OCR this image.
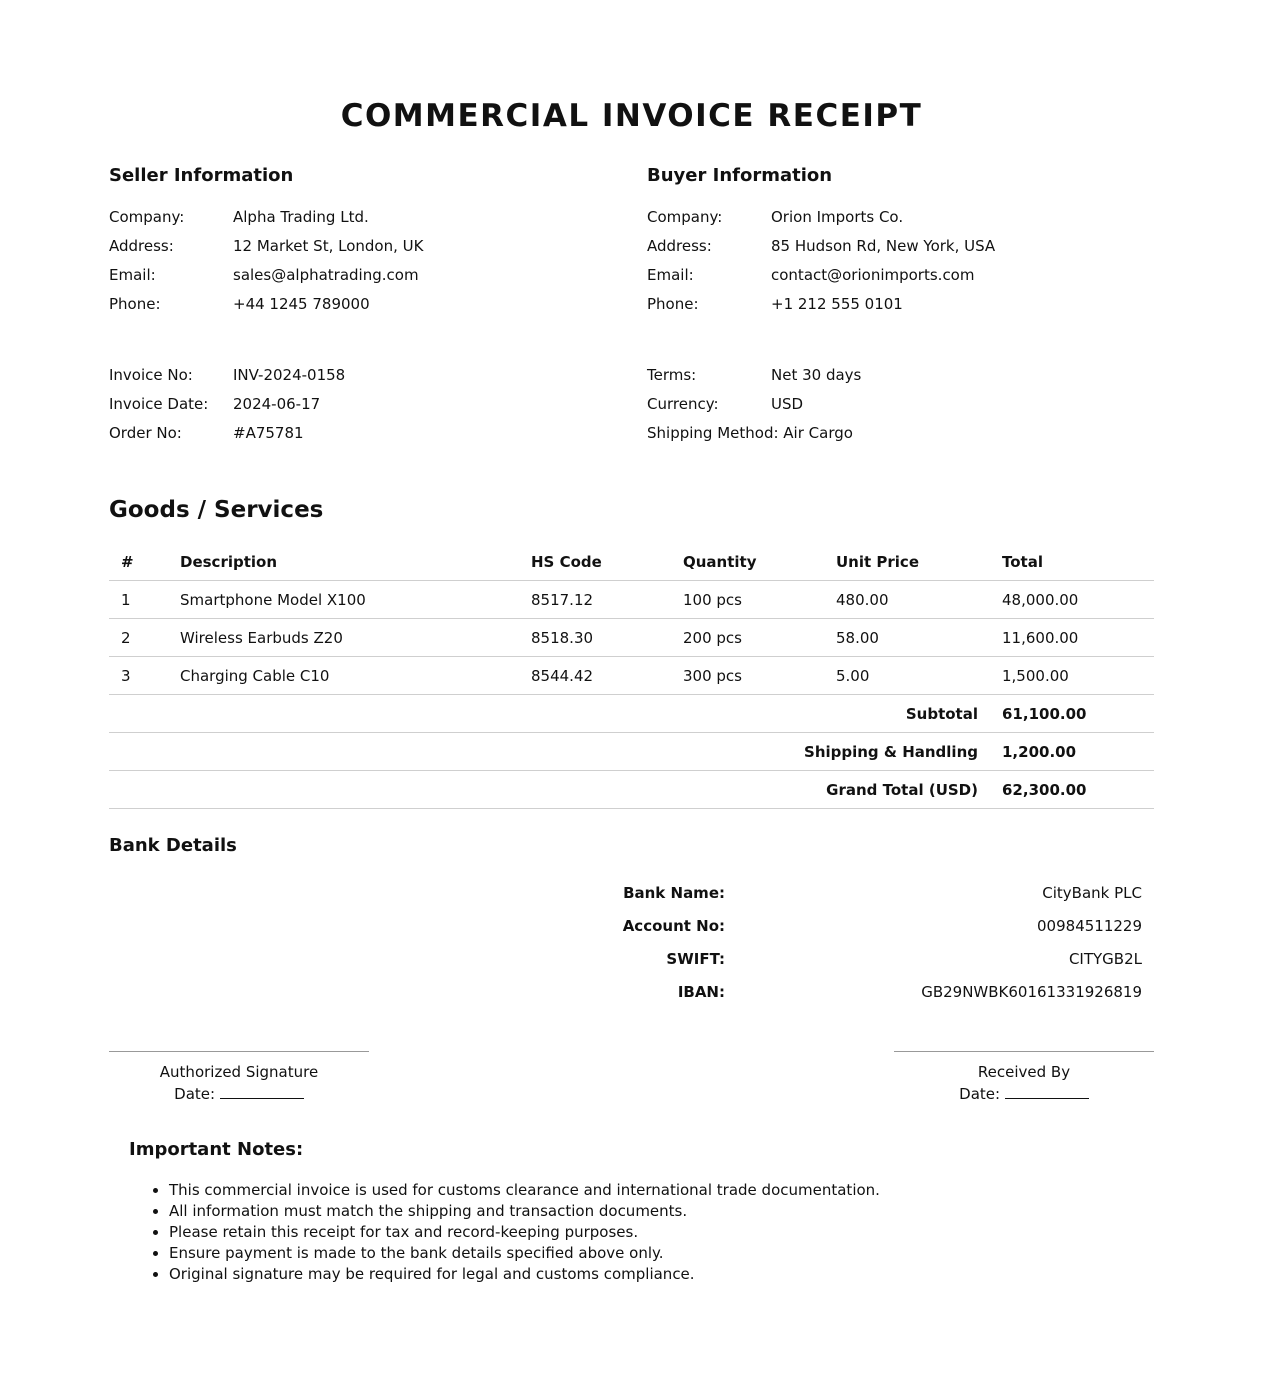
COMMERCIAL INVOICE RECEIPT
Seller Information
Company:	Alpha Trading Ltd.
Address:	12 Market St, London, UK
Email:	sales@alphatrading.com
Phone:	+44 1245 789000
Buyer Information
Company:	Orion Imports Co.
Address:	85 Hudson Rd, New York, USA
Email:	contact@orionimports.com
Phone:	+1 212 555 0101
Invoice No:	INV-2024-0158
Invoice Date: 2024-06-17
Order No:	#A75781
Terms:	Net 30 days
Currency:	USD
Shipping Method: Air Cargo
Goods / Services
#	Description	HS Code	Quantity	Unit Price	Total
1	Smartphone Model X100	8517.12	100 pcs	480.00	48,000.00
2	Wireless Earbuds Z20	8518.30	200 pcs	58.00	11,600.00
3	Charging Cable C10	8544.42	300 pcs	5.00	1,500.00
Subtotal					61,100.00
Shipping & Handling					1,200.00
Grand Total (USD)					62,300.00
Bank Details
Bank Name:	CityBank PLC
Account No:	00984511229
SWIFT:	CITYGB2L
IBAN:	GB29NWBK60161331926819
Authorized Signature
Date:
Received By
Date:
Important Notes:
• This commercial invoice is used for customs clearance and international trade documentation.
• All information must match the shipping and transaction documents.
• Please retain this receipt for tax and record-keeping purposes.
• Ensure payment is made to the bank details specified above only.
• Original signature may be required for legal and customs compliance.
